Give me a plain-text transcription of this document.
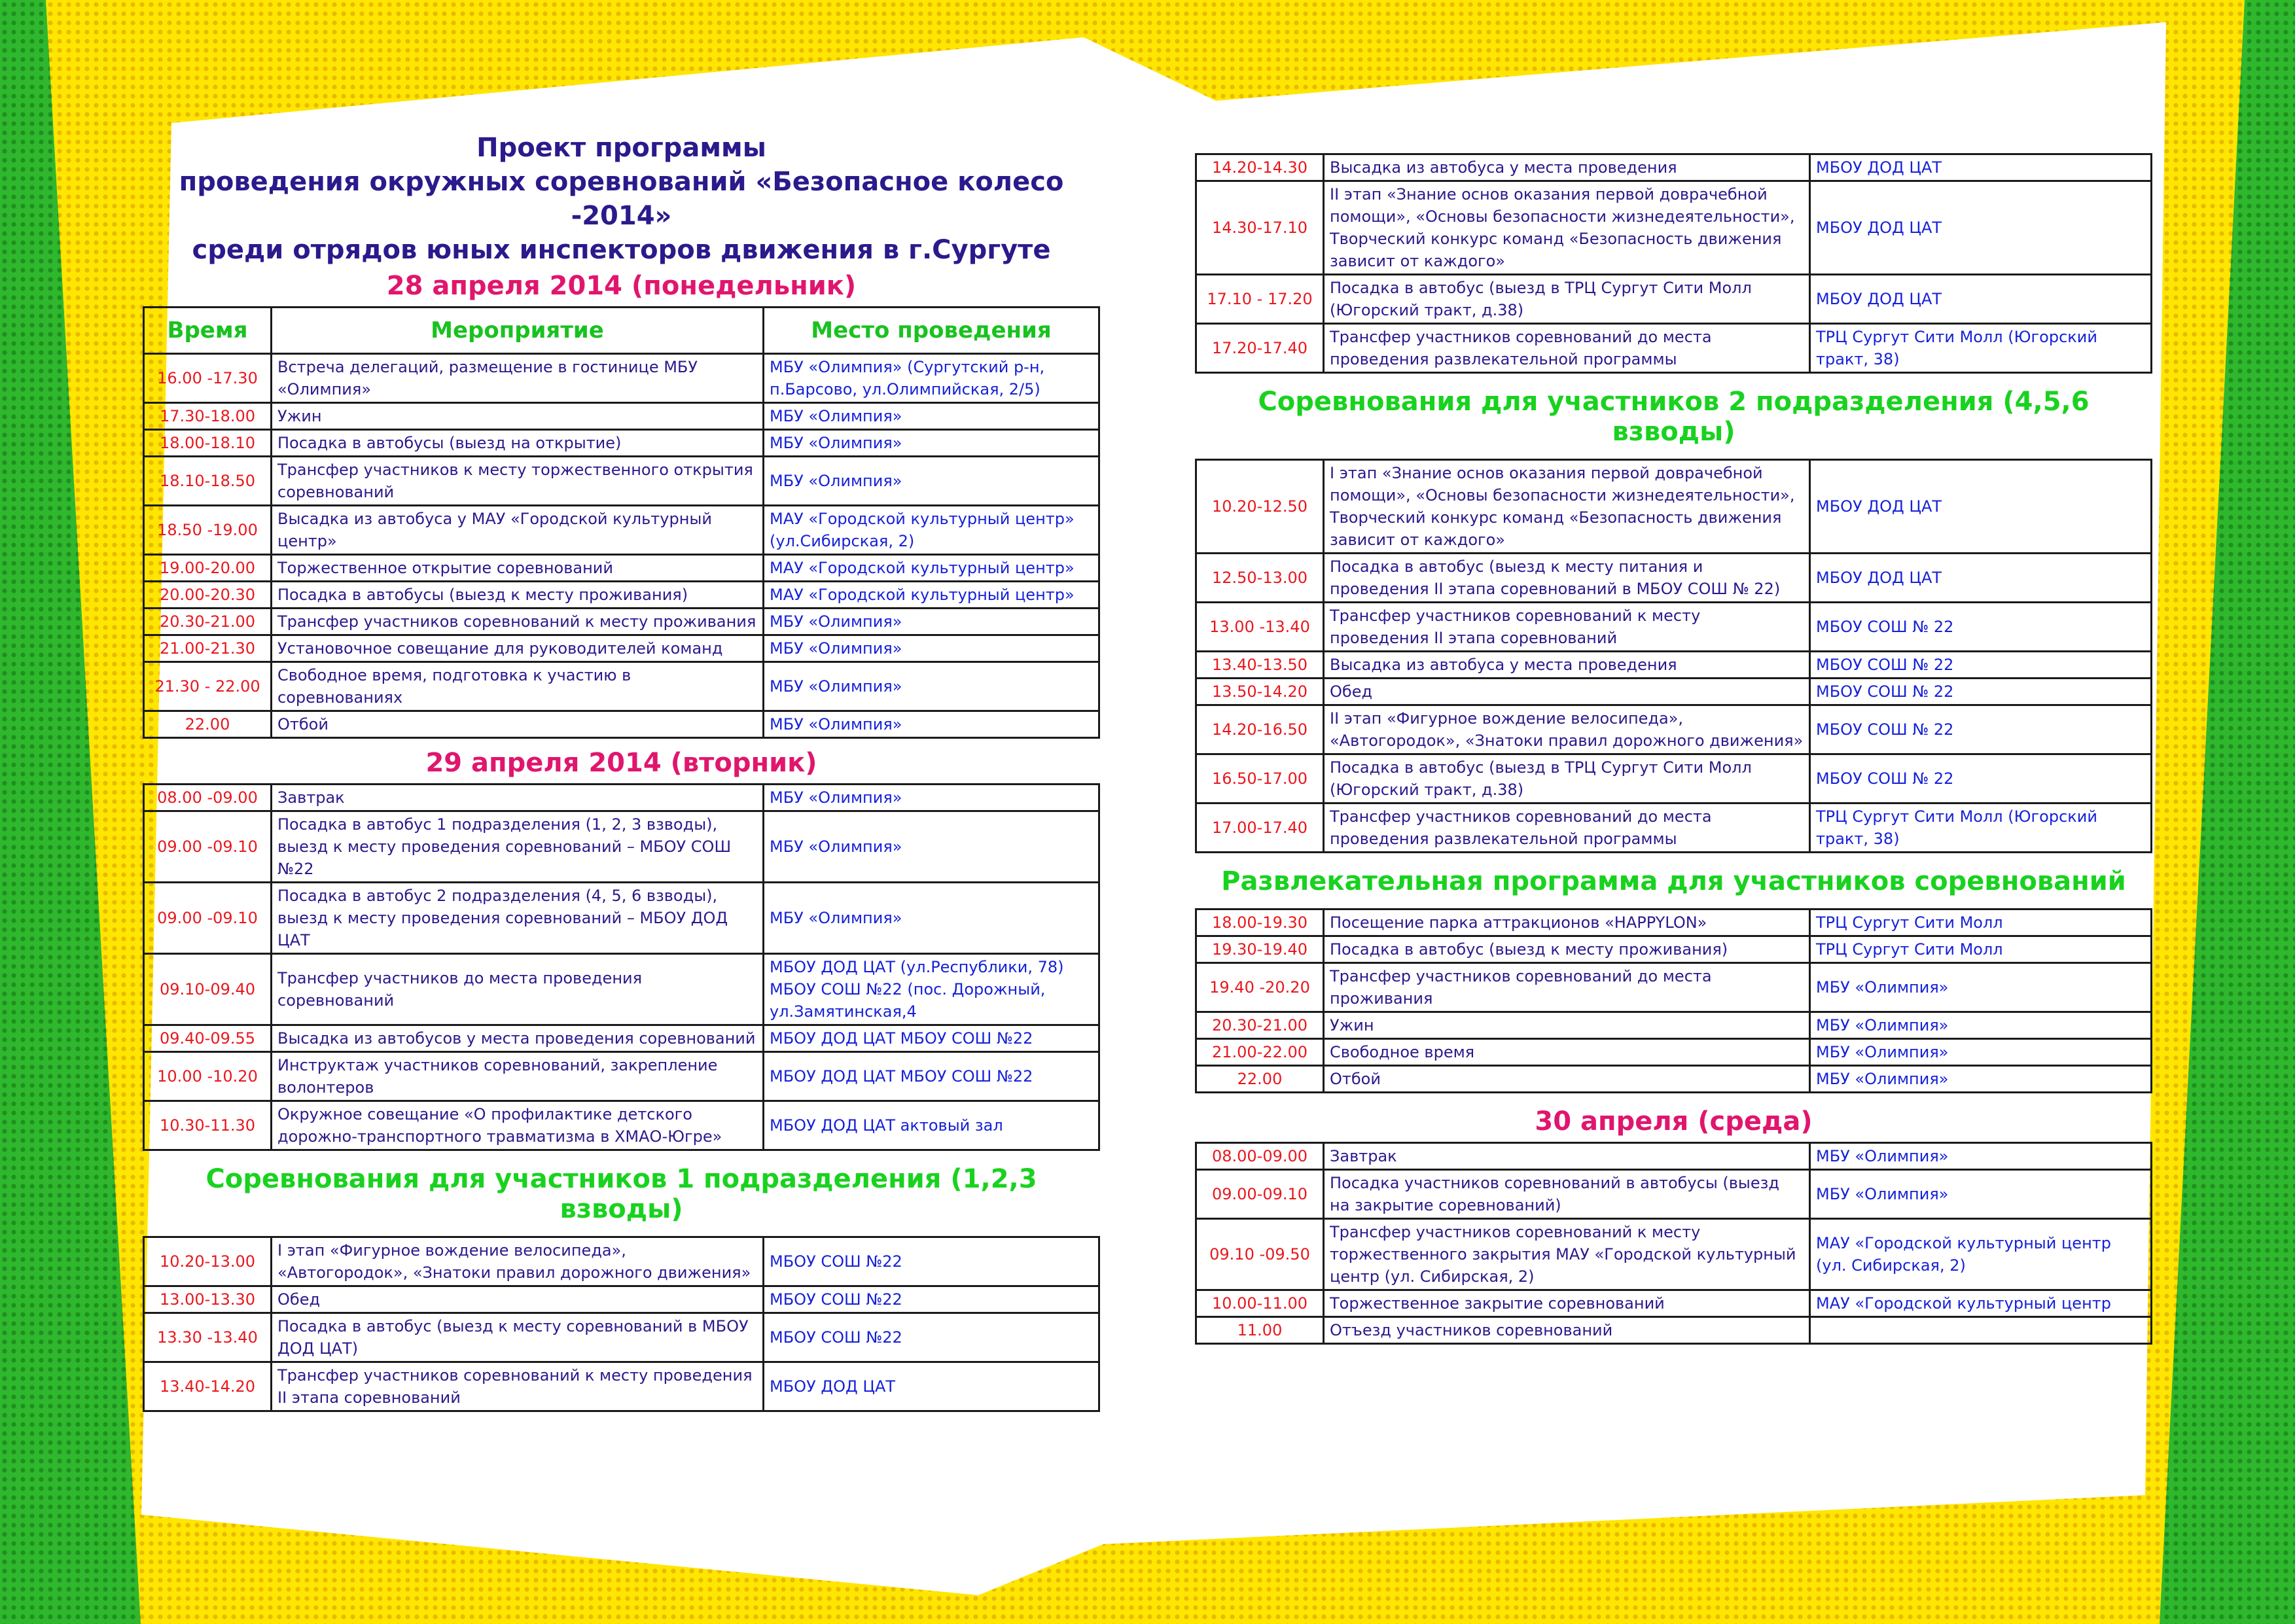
Проект программы
проведения окружных соревнований «Безопасное колесо -2014»
среди отрядов юных инспекторов движения в г.Сургуте
28 апреля 2014 (понедельник)
Время	Мероприятие	Место проведения
16.00 -17.30	Встреча делегаций, размещение в гостинице МБУ «Олимпия»	МБУ «Олимпия» (Сургутский р-н, п.Барсово, ул.Олимпийская, 2/5)
17.30-18.00	Ужин	МБУ «Олимпия»
18.00-18.10	Посадка в автобусы (выезд на открытие)	МБУ «Олимпия»
18.10-18.50	Трансфер участников к месту торжественного открытия соревнований	МБУ «Олимпия»
18.50 -19.00	Высадка из автобуса у МАУ «Городской культурный центр»	МАУ «Городской культурный центр» (ул.Сибирская, 2)
19.00-20.00	Торжественное открытие соревнований	МАУ «Городской культурный центр»
20.00-20.30	Посадка в автобусы (выезд к месту проживания)	МАУ «Городской культурный центр»
20.30-21.00	Трансфер участников соревнований к месту проживания	МБУ «Олимпия»
21.00-21.30	Установочное совещание для руководителей команд	МБУ «Олимпия»
21.30 - 22.00	Свободное время, подготовка к участию в соревнованиях	МБУ «Олимпия»
22.00	Отбой	МБУ «Олимпия»
29 апреля 2014 (вторник)
08.00 -09.00	Завтрак	МБУ «Олимпия»
09.00 -09.10	Посадка в автобус 1 подразделения (1, 2, 3 взводы), выезд к месту проведения соревнований – МБОУ СОШ №22	МБУ «Олимпия»
09.00 -09.10	Посадка в автобус 2 подразделения (4, 5, 6 взводы), выезд к месту проведения соревнований – МБОУ ДОД ЦАТ	МБУ «Олимпия»
09.10-09.40	Трансфер участников до места проведения соревнований	МБОУ ДОД ЦАТ (ул.Республики, 78) МБОУ СОШ №22 (пос. Дорожный, ул.Замятинская,4
09.40-09.55	Высадка из автобусов у места проведения соревнований	МБОУ ДОД ЦАТ МБОУ СОШ №22
10.00 -10.20	Инструктаж участников соревнований, закрепление волонтеров	МБОУ ДОД ЦАТ МБОУ СОШ №22
10.30-11.30	Окружное совещание «О профилактике детского дорожно-транспортного травматизма в ХМАО-Югре»	МБОУ ДОД ЦАТ актовый зал
Соревнования для участников 1 подразделения (1,2,3 взводы)
10.20-13.00	I этап «Фигурное вождение велосипеда», «Автогородок», «Знатоки правил дорожного движения»	МБОУ СОШ №22
13.00-13.30	Обед	МБОУ СОШ №22
13.30 -13.40	Посадка в автобус (выезд к месту соревнований в МБОУ ДОД ЦАТ)	МБОУ СОШ №22
13.40-14.20	Трансфер участников соревнований к месту проведения II этапа соревнований	МБОУ ДОД ЦАТ
14.20-14.30	Высадка из автобуса у места проведения	МБОУ ДОД ЦАТ
14.30-17.10	II этап «Знание основ оказания первой доврачебной помощи», «Основы безопасности жизнедеятельности», Творческий конкурс команд «Безопасность движения зависит от каждого»	МБОУ ДОД ЦАТ
17.10 - 17.20	Посадка в автобус (выезд в ТРЦ Сургут Сити Молл (Югорский тракт, д.38)	МБОУ ДОД ЦАТ
17.20-17.40	Трансфер участников соревнований до места проведения развлекательной программы	ТРЦ Сургут Сити Молл (Югорский тракт, 38)
Соревнования для участников 2 подразделения (4,5,6 взводы)
10.20-12.50	I этап «Знание основ оказания первой доврачебной помощи», «Основы безопасности жизнедеятельности», Творческий конкурс команд «Безопасность движения зависит от каждого»	МБОУ ДОД ЦАТ
12.50-13.00	Посадка в автобус (выезд к месту питания и проведения II этапа соревнований в МБОУ СОШ № 22)	МБОУ ДОД ЦАТ
13.00 -13.40	Трансфер участников соревнований к месту проведения II этапа соревнований	МБОУ СОШ № 22
13.40-13.50	Высадка из автобуса у места проведения	МБОУ СОШ № 22
13.50-14.20	Обед	МБОУ СОШ № 22
14.20-16.50	II этап «Фигурное вождение велосипеда», «Автогородок», «Знатоки правил дорожного движения»	МБОУ СОШ № 22
16.50-17.00	Посадка в автобус (выезд в ТРЦ Сургут Сити Молл (Югорский тракт, д.38)	МБОУ СОШ № 22
17.00-17.40	Трансфер участников соревнований до места проведения развлекательной программы	ТРЦ Сургут Сити Молл (Югорский тракт, 38)
Развлекательная программа для участников соревнований
18.00-19.30	Посещение парка аттракционов «HAPPYLON»	ТРЦ Сургут Сити Молл
19.30-19.40	Посадка в автобус (выезд к месту проживания)	ТРЦ Сургут Сити Молл
19.40 -20.20	Трансфер участников соревнований до места проживания	МБУ «Олимпия»
20.30-21.00	Ужин	МБУ «Олимпия»
21.00-22.00	Свободное время	МБУ «Олимпия»
22.00	Отбой	МБУ «Олимпия»
30 апреля (среда)
08.00-09.00	Завтрак	МБУ «Олимпия»
09.00-09.10	Посадка участников соревнований в автобусы (выезд на закрытие соревнований)	МБУ «Олимпия»
09.10 -09.50	Трансфер участников соревнований к месту торжественного закрытия МАУ «Городской культурный центр (ул. Сибирская, 2)	МАУ «Городской культурный центр (ул. Сибирская, 2)
10.00-11.00	Торжественное закрытие соревнований	МАУ «Городской культурный центр
11.00	Отъезд участников соревнований	
